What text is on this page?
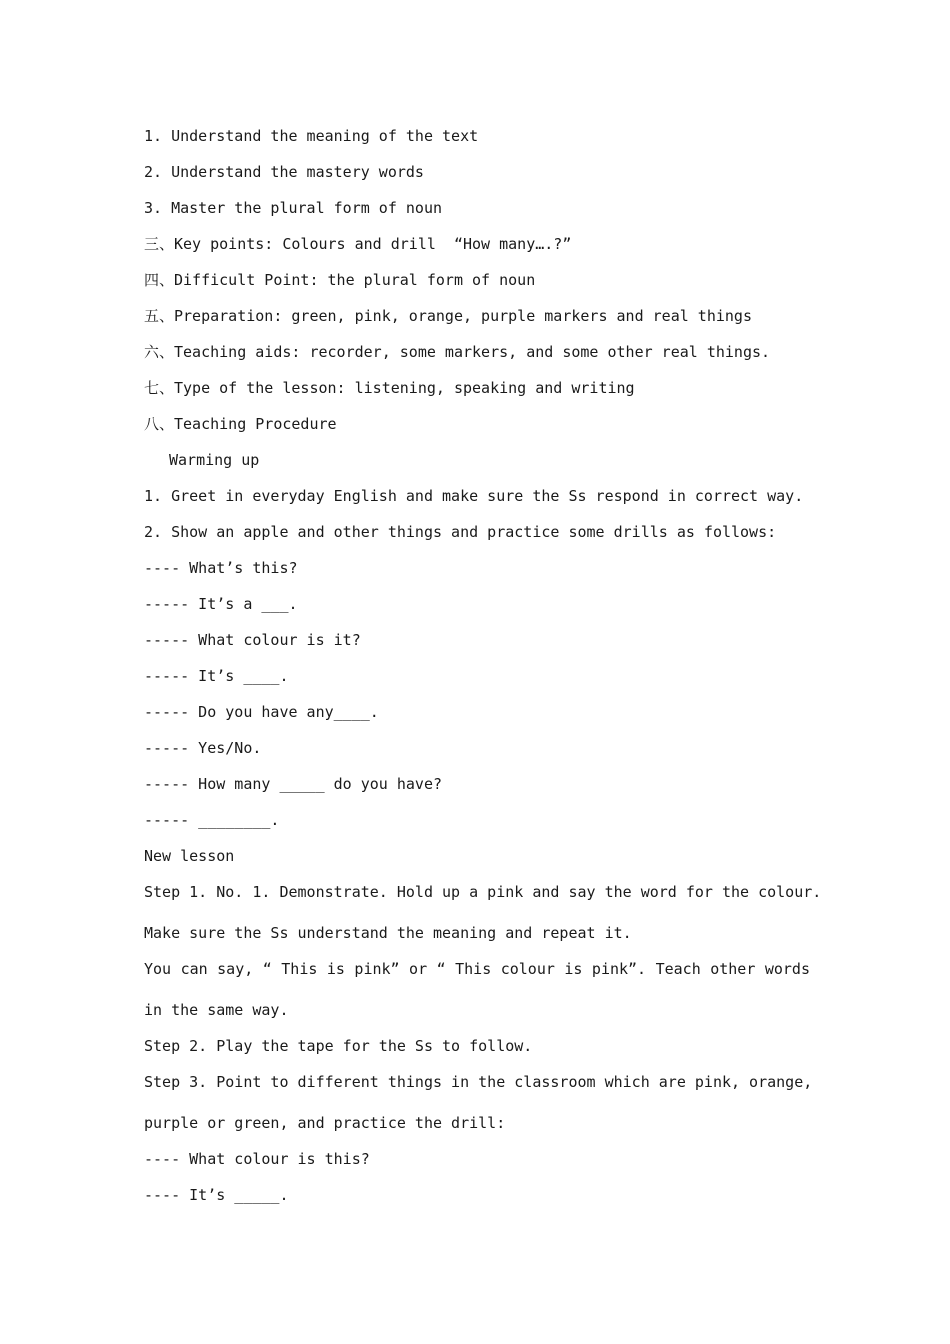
1. Understand the meaning of the text
2. Understand the mastery words
3. Master the plural form of noun
三、Key points: Colours and drill  “How many….?”
四、Difficult Point: the plural form of noun
五、Preparation: green, pink, orange, purple markers and real things
六、Teaching aids: recorder, some markers, and some other real things.
七、Type of the lesson: listening, speaking and writing
八、Teaching Procedure
Warming up
1. Greet in everyday English and make sure the Ss respond in correct way.
2. Show an apple and other things and practice some drills as follows:
---- What’s this?
----- It’s a ___.
----- What colour is it?
----- It’s ____.
----- Do you have any____.
----- Yes/No.
----- How many _____ do you have?
----- ________.
New lesson
Step 1. No. 1. Demonstrate. Hold up a pink and say the word for the colour.
Make sure the Ss understand the meaning and repeat it.
You can say, “ This is pink” or “ This colour is pink”. Teach other words
in the same way.
Step 2. Play the tape for the Ss to follow.
Step 3. Point to different things in the classroom which are pink, orange,
purple or green, and practice the drill:
---- What colour is this?
---- It’s _____.
